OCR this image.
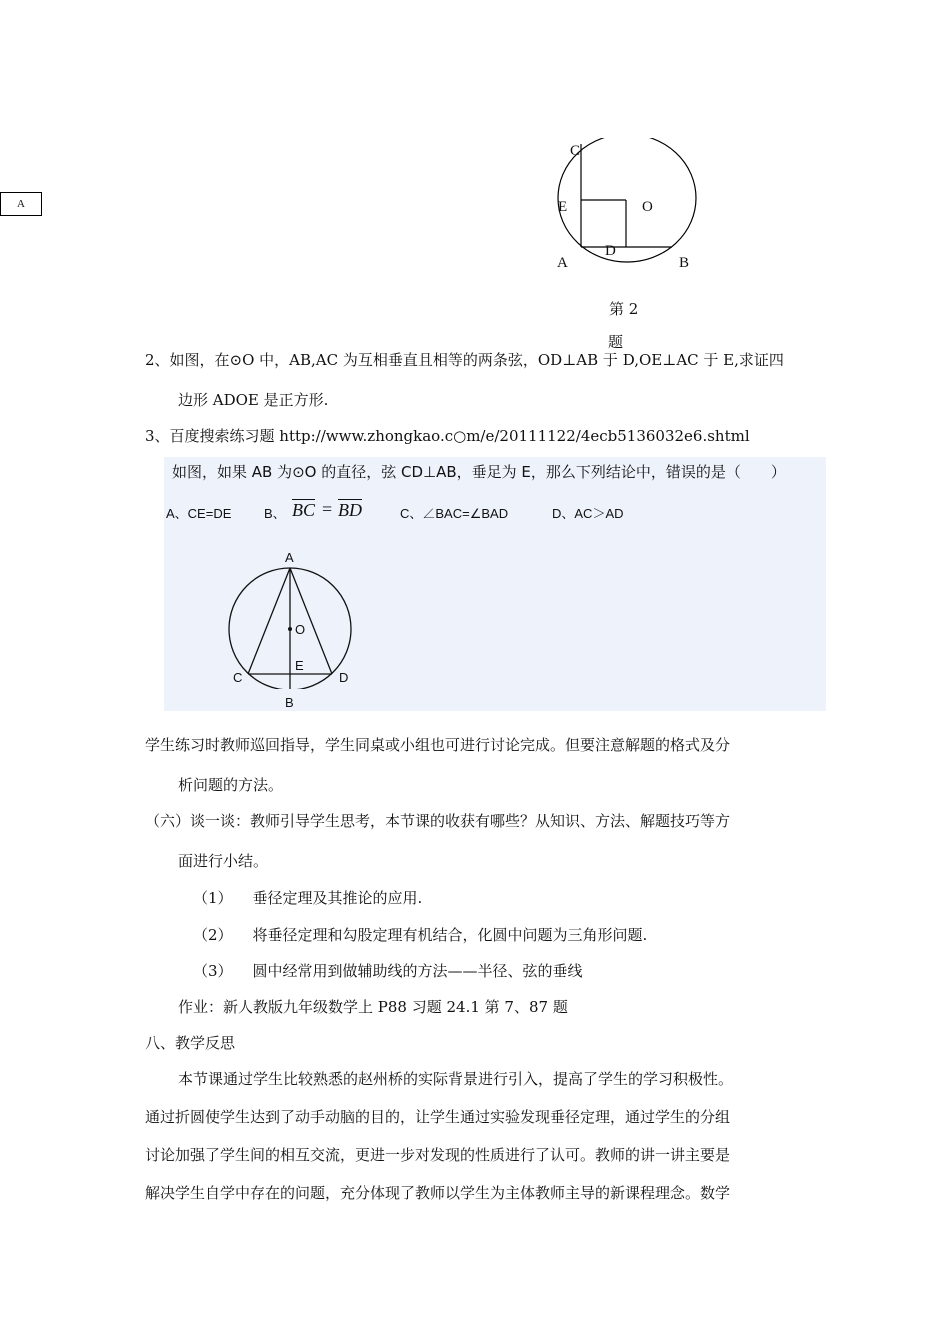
A
C
E	O
D
A	B
第 2
题
2、如图，在⊙O 中，AB,AC 为互相垂直且相等的两条弦，OD⊥AB 于 D,OE⊥AC 于 E,求证四
边形 ADOE 是正方形.
3、百度搜索练习题 http://www.zhongkao.c○m/e/20111122/4ecb5136032e6.shtml
如图，如果 AB 为⊙O 的直径，弦 CD⊥AB，垂足为 E，那么下列结论中，错误的是（　　）
A、CE=DE	B、 BC = BD	C、∠BAC=∠BAD	D、AC＞AD
A
O
E
C	D
B
学生练习时教师巡回指导，学生同桌或小组也可进行讨论完成。但要注意解题的格式及分
析问题的方法。
（六）谈一谈：教师引导学生思考，本节课的收获有哪些？从知识、方法、解题技巧等方
面进行小结。
（1） 垂径定理及其推论的应用.
（2） 将垂径定理和勾股定理有机结合，化圆中问题为三角形问题.
（3） 圆中经常用到做辅助线的方法——半径、弦的垂线
作业：新人教版九年级数学上 P88 习题 24.1 第 7、87 题
八、教学反思
本节课通过学生比较熟悉的赵州桥的实际背景进行引入，提高了学生的学习积极性。
通过折圆使学生达到了动手动脑的目的，让学生通过实验发现垂径定理，通过学生的分组
讨论加强了学生间的相互交流，更进一步对发现的性质进行了认可。教师的讲一讲主要是
解决学生自学中存在的问题，充分体现了教师以学生为主体教师主导的新课程理念。数学
